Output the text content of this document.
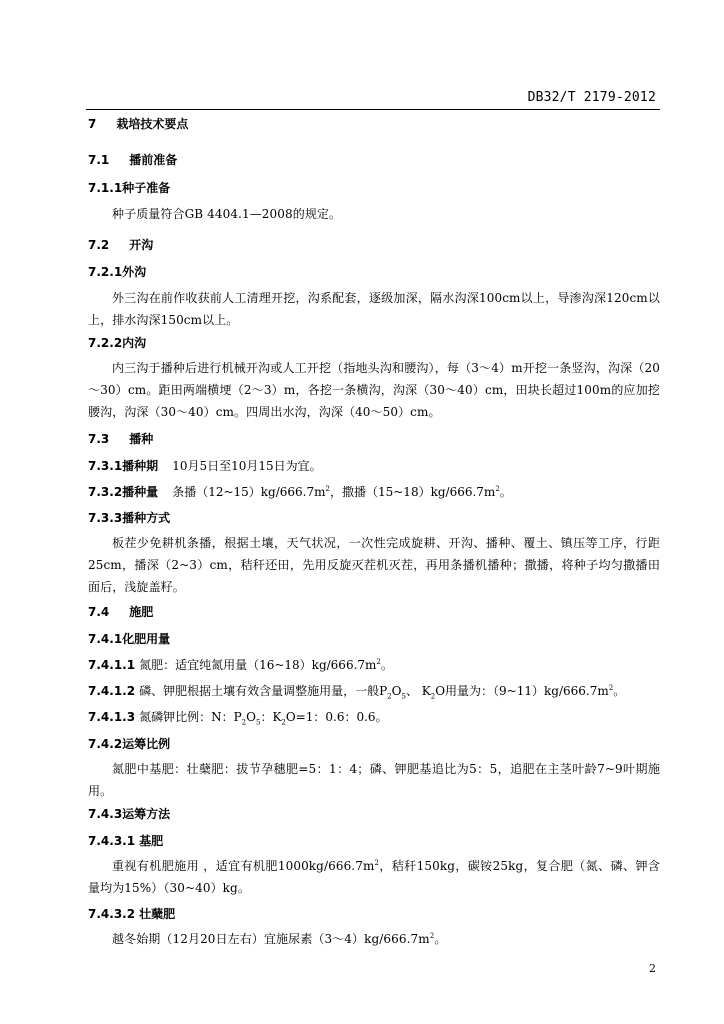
DB32/T 2179-2012
7 栽培技术要点
7.1 播前准备
7.1.1种子准备
种子质量符合GB 4404.1—2008的规定。
7.2 开沟
7.2.1外沟
外三沟在前作收获前人工清理开挖，沟系配套，逐级加深，隔水沟深100cm以上，导渗沟深120cm以上，排水沟深150cm以上。
7.2.2内沟
内三沟于播种后进行机械开沟或人工开挖（指地头沟和腰沟），每（3～4）m开挖一条竖沟，沟深（20～30）cm。距田两端横埂（2～3）m，各挖一条横沟，沟深（30～40）cm，田块长超过100m的应加挖腰沟，沟深（30～40）cm。四周出水沟，沟深（40～50）cm。
7.3 播种
7.3.1播种期 10月5日至10月15日为宜。
7.3.2播种量 条播$(12\sim 15)kg/666.7m^2$，撒播$(15\sim 18)kg/666.7m^2$。
7.3.3播种方式
板茬少免耕机条播，根据土壤，天气状况，一次性完成旋耕、开沟、播种、覆土、镇压等工序，行距25cm，播深（2~3）cm，秸秆还田，先用反旋灭茬机灭茬，再用条播机播种；撒播，将种子均匀撒播田面后，浅旋盖籽。
7.4 施肥
7.4.1化肥用量
7.4.1.1 氮肥：适宜纯氮用量$(16\sim 18)kg/666.7m^2$。
7.4.1.2 磷、钾肥根据土壤有效含量调整施用量，一般$P_2O_5$、 $K_2O$用量为：$(9\sim 11)kg/666.7m^2$。
7.4.1.3 氮磷钾比例：N：$P_2O_5$：$K_2O=1$：0.6：0.6。
7.4.2运筹比例
氮肥中基肥：壮蘖肥：拔节孕穗肥=5：1：4；磷、钾肥基追比为5：5，追肥在主茎叶龄7~9叶期施用。
7.4.3运筹方法
7.4.3.1 基肥
重视有机肥施用 ，适宜有机肥$1000kg/666.7m^2$，秸秆150kg，碳铵25kg，复合肥（氮、磷、钾含量均为15%）（30~40）kg。
7.4.3.2 壮蘖肥
越冬始期（12月20日左右）宜施尿素$(3\sim 4)kg/666.7m^2$。
2
